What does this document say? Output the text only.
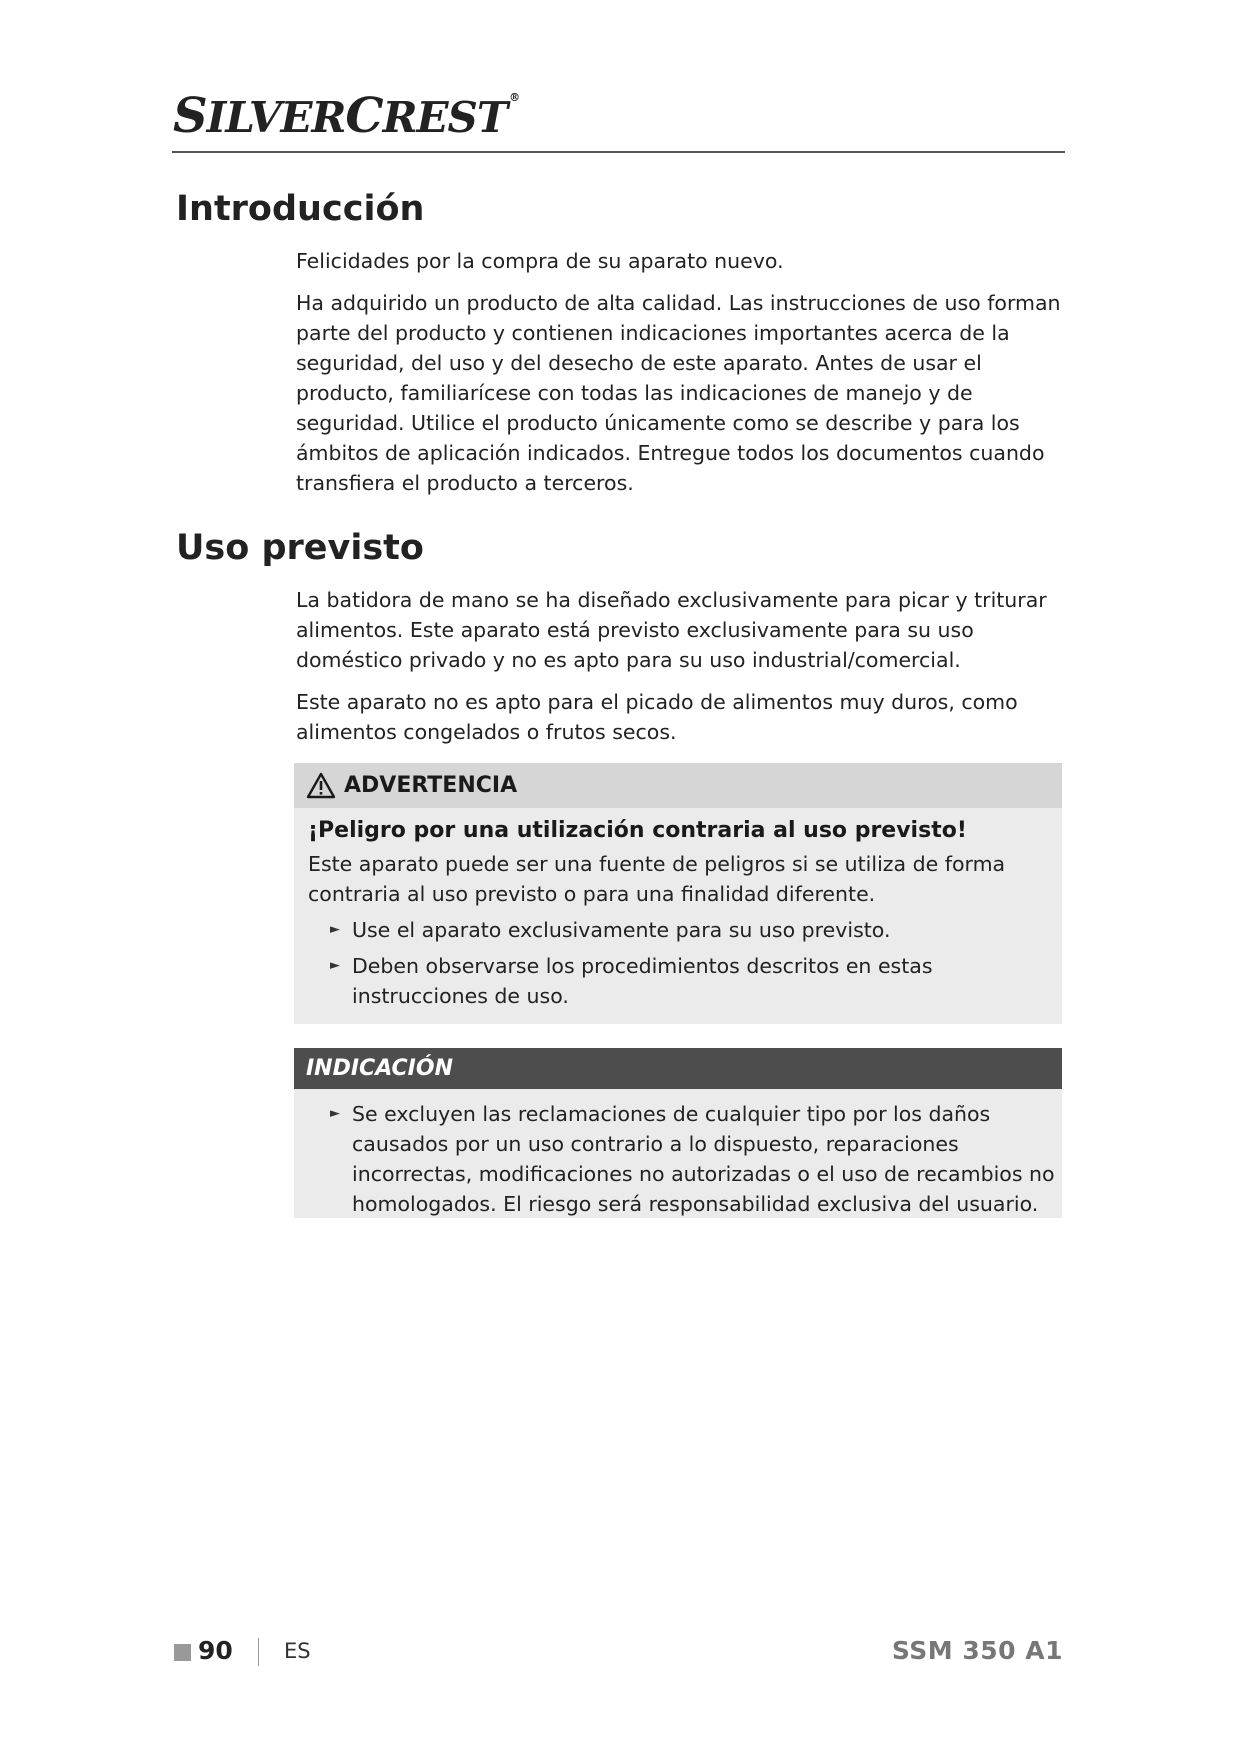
SILVERCREST ®
Introducción

Felicidades por la compra de su aparato nuevo.

Ha adquirido un producto de alta calidad. Las instrucciones de uso forman parte del producto y contienen indicaciones importantes acerca de la seguridad, del uso y del desecho de este aparato. Antes de usar el producto, familiarícese con todas las indicaciones de manejo y de seguridad. Utilice el producto únicamente como se describe y para los ámbitos de aplicación indicados. Entregue todos los documentos cuando transfiera el producto a terceros.

Uso previsto

La batidora de mano se ha diseñado exclusivamente para picar y triturar alimentos. Este aparato está previsto exclusivamente para su uso doméstico privado y no es apto para su uso industrial/comercial.

Este aparato no es apto para el picado de alimentos muy duros, como alimentos congelados o frutos secos.

ADVERTENCIA
¡Peligro por una utilización contraria al uso previsto!
Este aparato puede ser una fuente de peligros si se utiliza de forma contraria al uso previsto o para una finalidad diferente.
► Use el aparato exclusivamente para su uso previsto.
► Deben observarse los procedimientos descritos en estas instrucciones de uso.
INDICACIÓN
► Se excluyen las reclamaciones de cualquier tipo por los daños causados por un uso contrario a lo dispuesto, reparaciones incorrectas, modificaciones no autorizadas o el uso de recambios no homologados. El riesgo será responsabilidad exclusiva del usuario.
90 ES	SSM 350 A1
